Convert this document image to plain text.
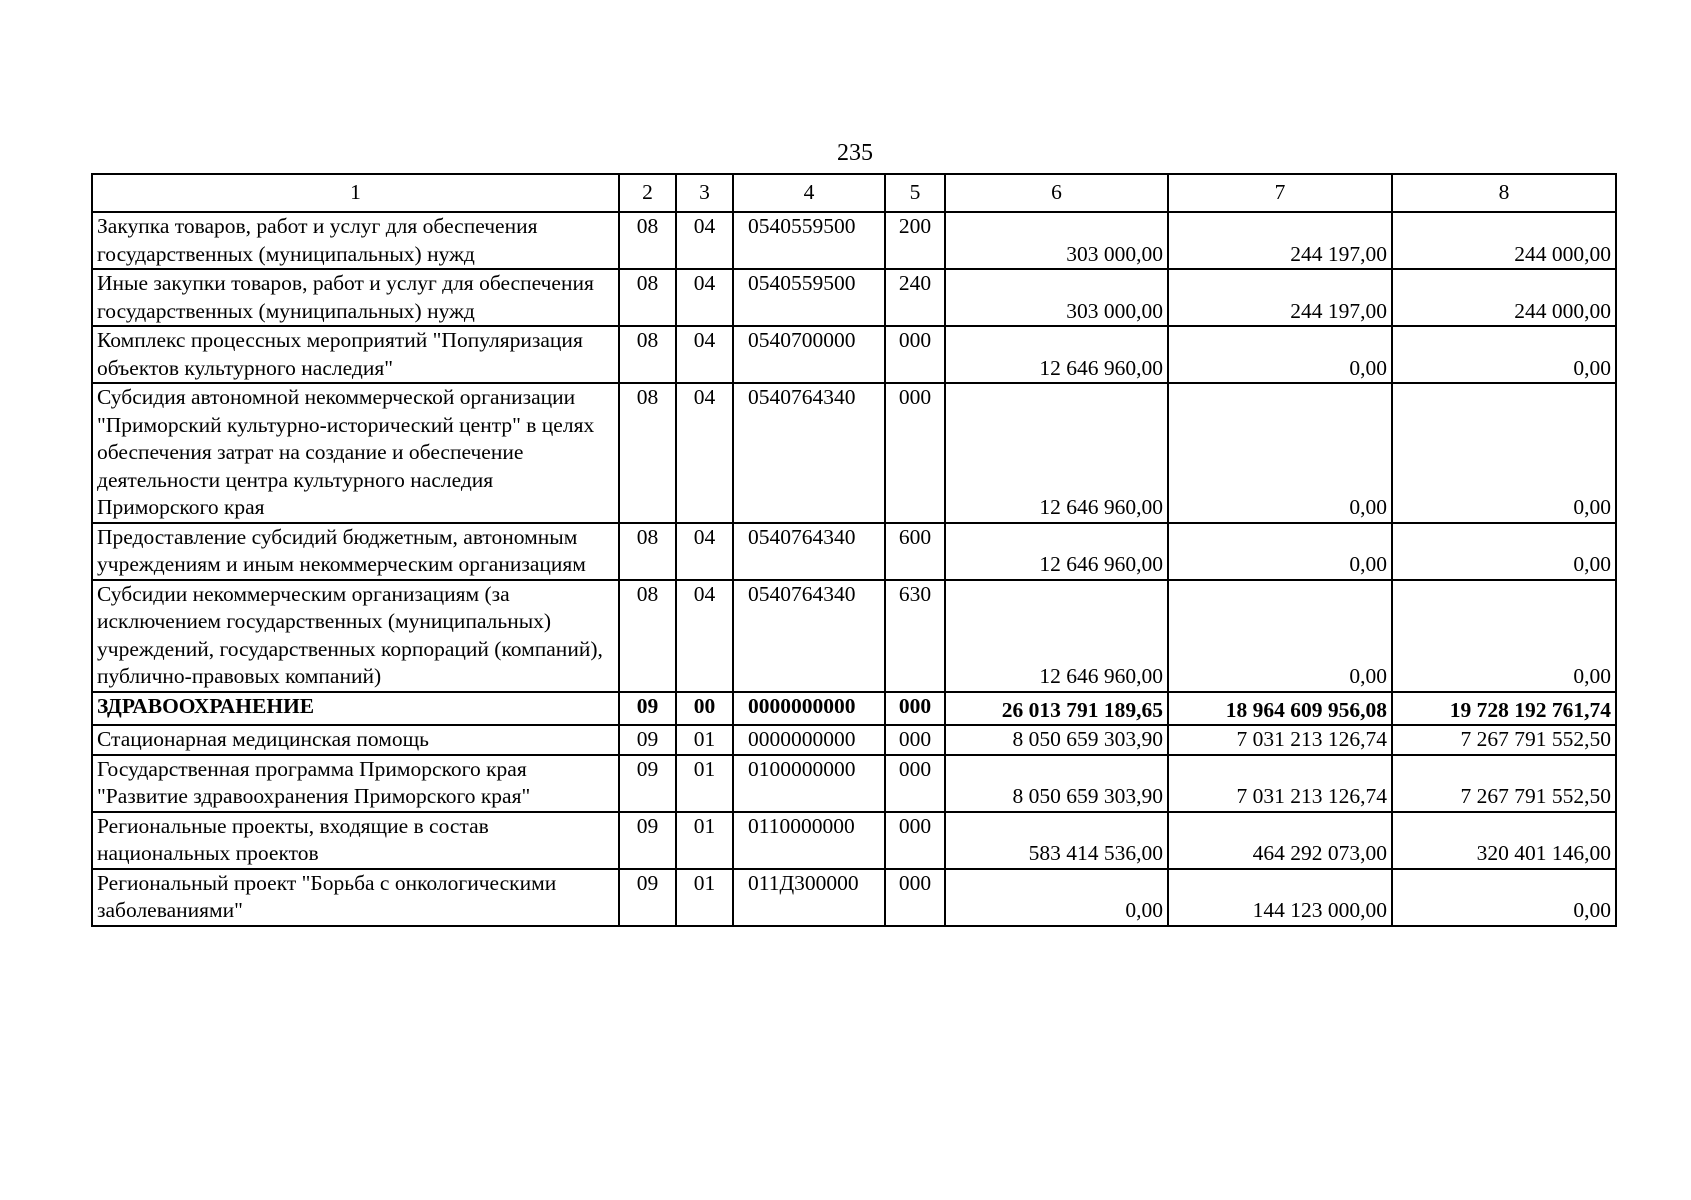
235
1	2	3	4	5	6	7	8
Закупка товаров, работ и услуг для обеспечения государственных (муниципальных) нужд	08	04	0540559500	200	303 000,00	244 197,00	244 000,00
Иные закупки товаров, работ и услуг для обеспечения государственных (муниципальных) нужд	08	04	0540559500	240	303 000,00	244 197,00	244 000,00
Комплекс процессных мероприятий "Популяризация объектов культурного наследия"	08	04	0540700000	000	12 646 960,00	0,00	0,00
Субсидия автономной некоммерческой организации "Приморский культурно-исторический центр" в целях обеспечения затрат на создание и обеспечение деятельности центра культурного наследия Приморского края	08	04	0540764340	000	12 646 960,00	0,00	0,00
Предоставление субсидий бюджетным, автономным учреждениям и иным некоммерческим организациям	08	04	0540764340	600	12 646 960,00	0,00	0,00
Субсидии некоммерческим организациям (за исключением государственных (муниципальных) учреждений, государственных корпораций (компаний), публично-правовых компаний)	08	04	0540764340	630	12 646 960,00	0,00	0,00
ЗДРАВООХРАНЕНИЕ	09	00	0000000000	000	26 013 791 189,65	18 964 609 956,08	19 728 192 761,74
Стационарная медицинская помощь	09	01	0000000000	000	8 050 659 303,90	7 031 213 126,74	7 267 791 552,50
Государственная программа Приморского края "Развитие здравоохранения Приморского края"	09	01	0100000000	000	8 050 659 303,90	7 031 213 126,74	7 267 791 552,50
Региональные проекты, входящие в состав национальных проектов	09	01	0110000000	000	583 414 536,00	464 292 073,00	320 401 146,00
Региональный проект "Борьба с онкологическими заболеваниями"	09	01	011Д300000	000	0,00	144 123 000,00	0,00
